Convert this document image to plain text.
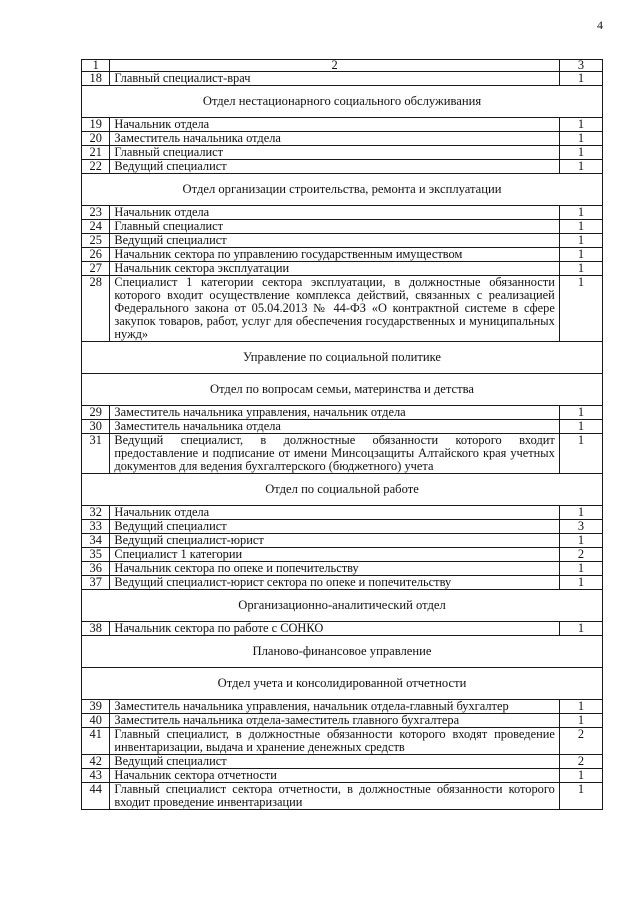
4
1	2	3
18	Главный специалист-врач	1
Отдел нестационарного социального обслуживания		
19	Начальник отдела	1
20	Заместитель начальника отдела	1
21	Главный специалист	1
22	Ведущий специалист	1
Отдел организации строительства, ремонта и эксплуатации		
23	Начальник отдела	1
24	Главный специалист	1
25	Ведущий специалист	1
26	Начальник сектора по управлению государственным имуществом	1
27	Начальник сектора эксплуатации	1
28	Специалист 1 категории сектора эксплуатации, в должностные обязанности которого входит осуществление комплекса действий, связанных с реализацией Федерального закона от 05.04.2013 № 44-ФЗ «О контрактной системе в сфере закупок товаров, работ, услуг для обеспечения государственных и муниципальных нужд»	1
Управление по социальной политике		
Отдел по вопросам семьи, материнства и детства		
29	Заместитель начальника управления, начальник отдела	1
30	Заместитель начальника отдела	1
31	Ведущий специалист, в должностные обязанности которого входит предоставление и подписание от имени Минсоцзащиты Алтайского края учетных документов для ведения бухгалтерского (бюджетного) учета	1
Отдел по социальной работе		
32	Начальник отдела	1
33	Ведущий специалист	3
34	Ведущий специалист-юрист	1
35	Специалист 1 категории	2
36	Начальник сектора по опеке и попечительству	1
37	Ведущий специалист-юрист сектора по опеке и попечительству	1
Организационно-аналитический отдел		
38	Начальник сектора по работе с СОНКО	1
Планово-финансовое управление		
Отдел учета и консолидированной отчетности		
39	Заместитель начальника управления, начальник отдела-главный бухгалтер	1
40	Заместитель начальника отдела-заместитель главного бухгалтера	1
41	Главный специалист, в должностные обязанности которого входят проведение инвентаризации, выдача и хранение денежных средств	2
42	Ведущий специалист	2
43	Начальник сектора отчетности	1
44	Главный специалист сектора отчетности, в должностные обязанности которого входит проведение инвентаризации	1
